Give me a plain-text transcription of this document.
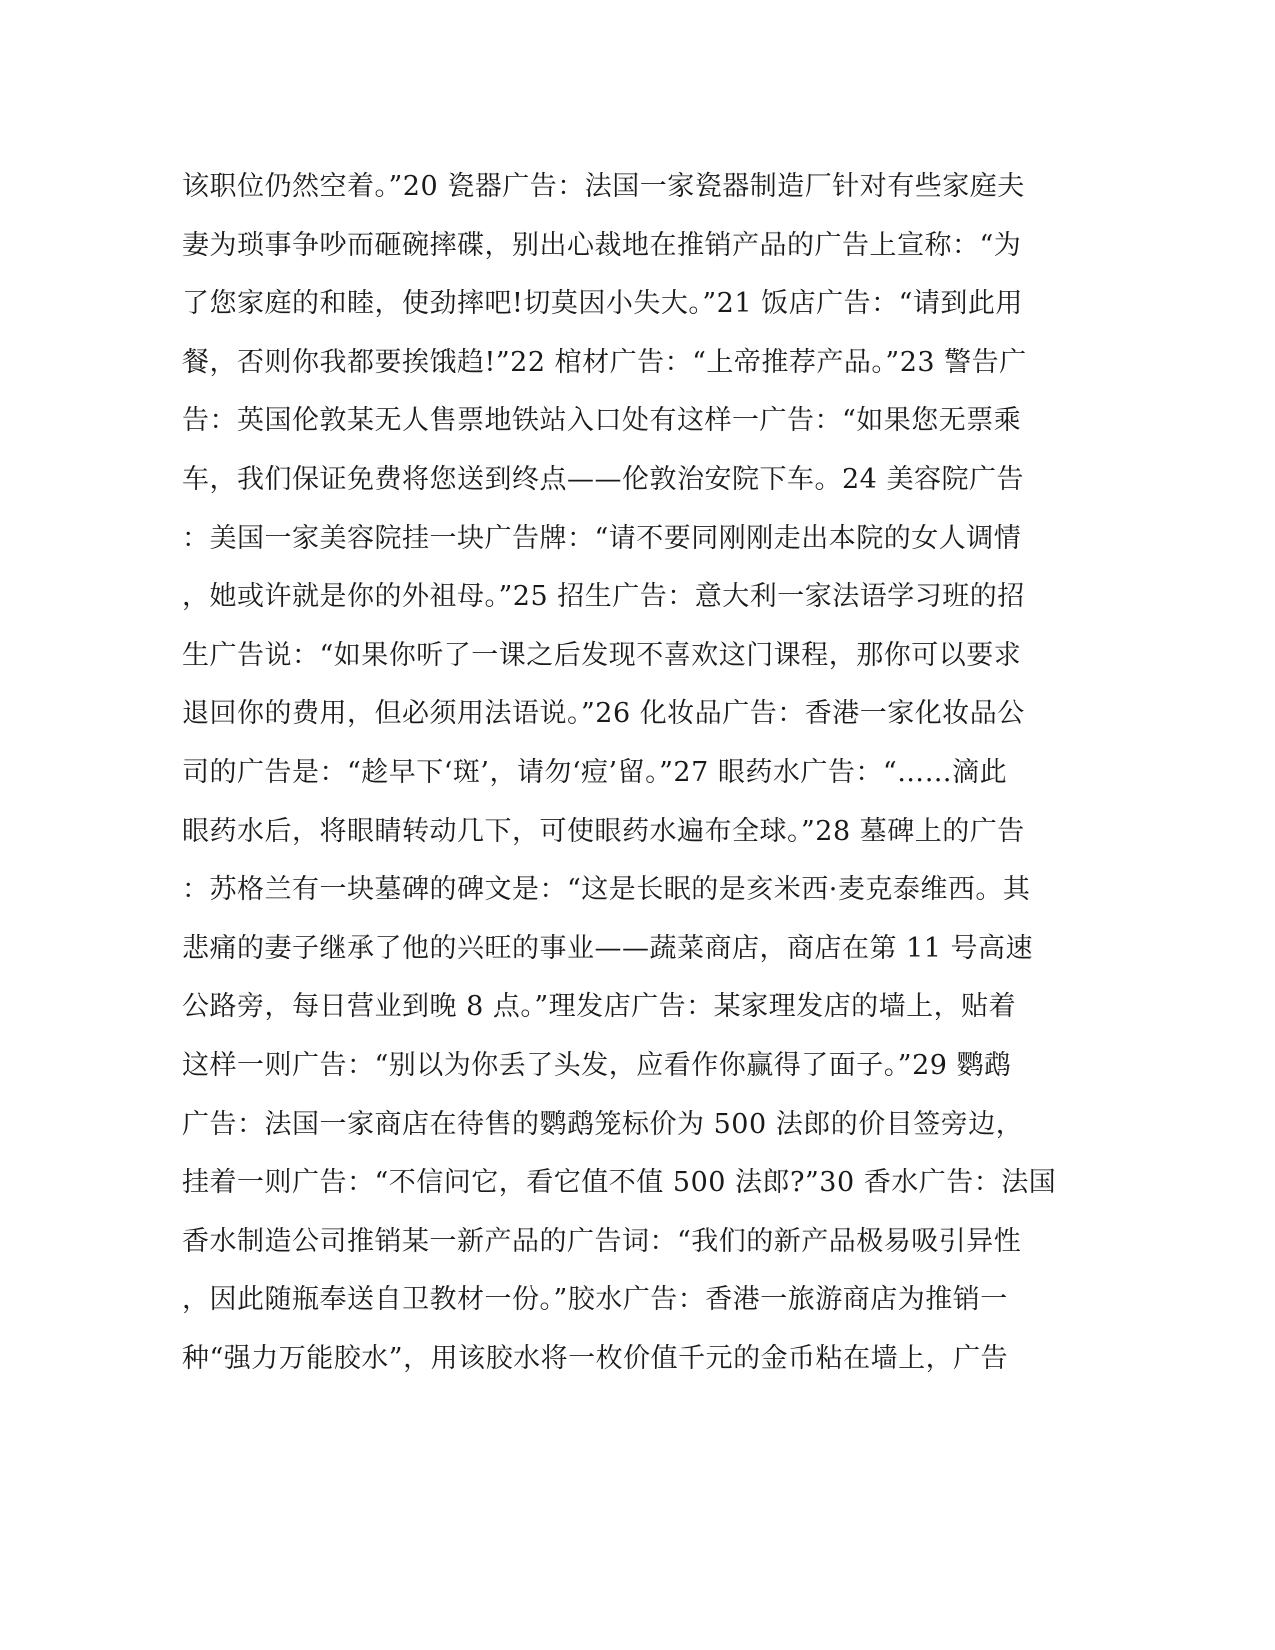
该职位仍然空着。”20 瓷器广告：法国一家瓷器制造厂针对有些家庭夫
妻为琐事争吵而砸碗摔碟，别出心裁地在推销产品的广告上宣称：“为
了您家庭的和睦，使劲摔吧!切莫因小失大。”21 饭店广告：“请到此用
餐，否则你我都要挨饿趋!”22 棺材广告：“上帝推荐产品。”23 警告广
告：英国伦敦某无人售票地铁站入口处有这样一广告：“如果您无票乘
车，我们保证免费将您送到终点——伦敦治安院下车。24 美容院广告
：美国一家美容院挂一块广告牌：“请不要同刚刚走出本院的女人调情
，她或许就是你的外祖母。”25 招生广告：意大利一家法语学习班的招
生广告说：“如果你听了一课之后发现不喜欢这门课程，那你可以要求
退回你的费用，但必须用法语说。”26 化妆品广告：香港一家化妆品公
司的广告是：“趁早下‘斑’，请勿‘痘’留。”27 眼药水广告：“……滴此
眼药水后，将眼睛转动几下，可使眼药水遍布全球。”28 墓碑上的广告
：苏格兰有一块墓碑的碑文是：“这是长眠的是亥米西·麦克泰维西。其
悲痛的妻子继承了他的兴旺的事业——蔬菜商店，商店在第 11 号高速
公路旁，每日营业到晚 8 点。”理发店广告：某家理发店的墙上，贴着
这样一则广告：“别以为你丢了头发，应看作你赢得了面子。”29 鹦鹉
广告：法国一家商店在待售的鹦鹉笼标价为 500 法郎的价目签旁边，
挂着一则广告：“不信问它，看它值不值 500 法郎?”30 香水广告：法国
香水制造公司推销某一新产品的广告词：“我们的新产品极易吸引异性
，因此随瓶奉送自卫教材一份。”胶水广告：香港一旅游商店为推销一
种“强力万能胶水”，用该胶水将一枚价值千元的金币粘在墙上，广告
